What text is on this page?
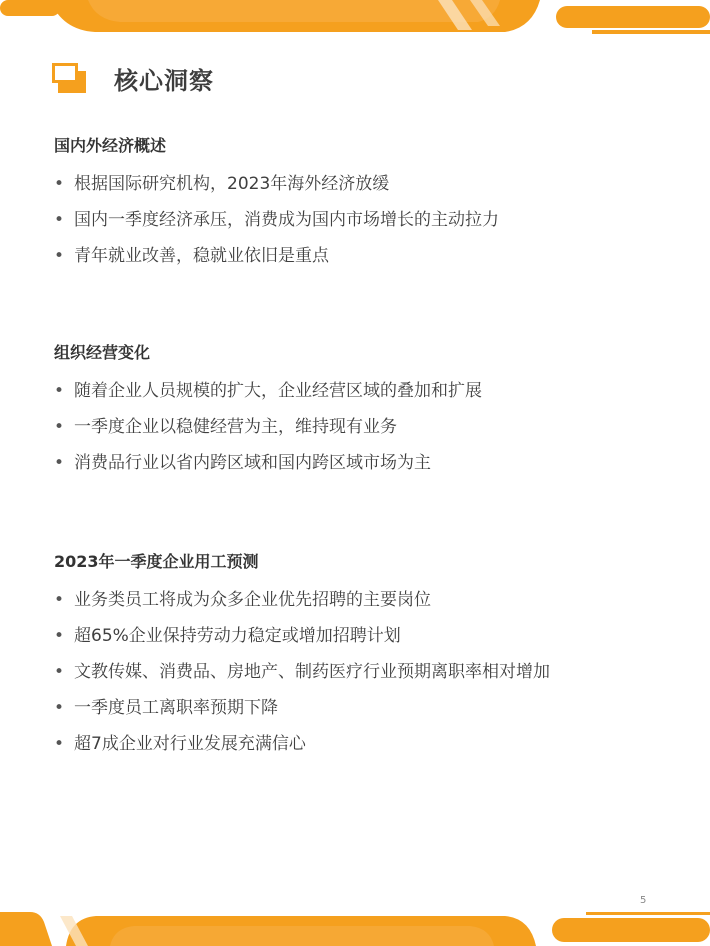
核心洞察
国内外经济概述
• 根据国际研究机构，2023年海外经济放缓
• 国内一季度经济承压，消费成为国内市场增长的主动拉力
• 青年就业改善，稳就业依旧是重点
组织经营变化
• 随着企业人员规模的扩大，企业经营区域的叠加和扩展
• 一季度企业以稳健经营为主，维持现有业务
• 消费品行业以省内跨区域和国内跨区域市场为主
2023年一季度企业用工预测
• 业务类员工将成为众多企业优先招聘的主要岗位
• 超65%企业保持劳动力稳定或增加招聘计划
• 文教传媒、消费品、房地产、制药医疗行业预期离职率相对增加
• 一季度员工离职率预期下降
• 超7成企业对行业发展充满信心
5
